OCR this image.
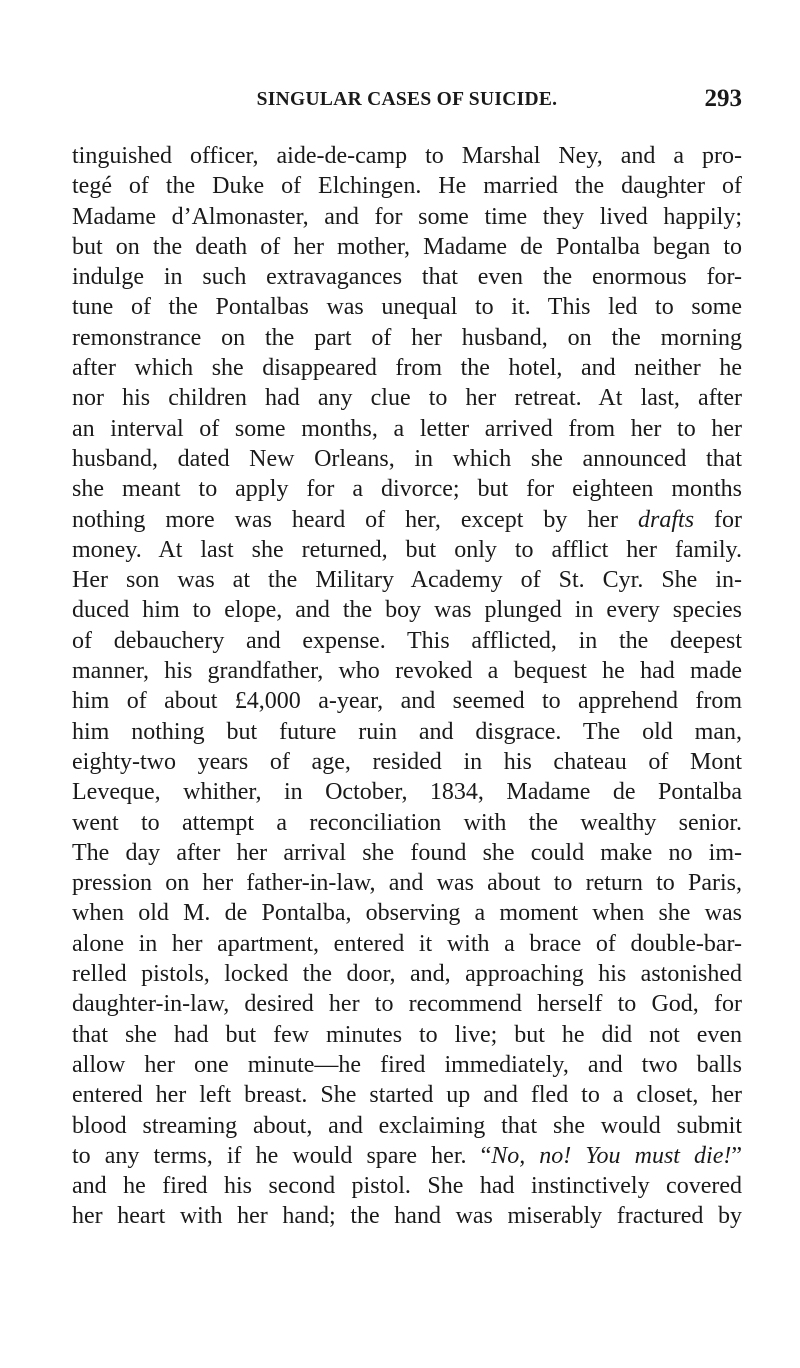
SINGULAR CASES OF SUICIDE.	293
tinguished officer, aide-de-camp to Marshal Ney, and a pro-
tegé of the Duke of Elchingen. He married the daughter of
Madame d’Almonaster, and for some time they lived happily;
but on the death of her mother, Madame de Pontalba began to
indulge in such extravagances that even the enormous for-
tune of the Pontalbas was unequal to it. This led to some
remonstrance on the part of her husband, on the morning
after which she disappeared from the hotel, and neither he
nor his children had any clue to her retreat. At last, after
an interval of some months, a letter arrived from her to her
husband, dated New Orleans, in which she announced that
she meant to apply for a divorce; but for eighteen months
nothing more was heard of her, except by her drafts for
money. At last she returned, but only to afflict her family.
Her son was at the Military Academy of St. Cyr. She in-
duced him to elope, and the boy was plunged in every species
of debauchery and expense. This afflicted, in the deepest
manner, his grandfather, who revoked a bequest he had made
him of about £4,000 a-year, and seemed to apprehend from
him nothing but future ruin and disgrace. The old man,
eighty-two years of age, resided in his chateau of Mont
Leveque, whither, in October, 1834, Madame de Pontalba
went to attempt a reconciliation with the wealthy senior.
The day after her arrival she found she could make no im-
pression on her father-in-law, and was about to return to Paris,
when old M. de Pontalba, observing a moment when she was
alone in her apartment, entered it with a brace of double-bar-
relled pistols, locked the door, and, approaching his astonished
daughter-in-law, desired her to recommend herself to God, for
that she had but few minutes to live; but he did not even
allow her one minute—he fired immediately, and two balls
entered her left breast. She started up and fled to a closet, her
blood streaming about, and exclaiming that she would submit
to any terms, if he would spare her. “No, no! You must die!”
and he fired his second pistol. She had instinctively covered
her heart with her hand; the hand was miserably fractured by
